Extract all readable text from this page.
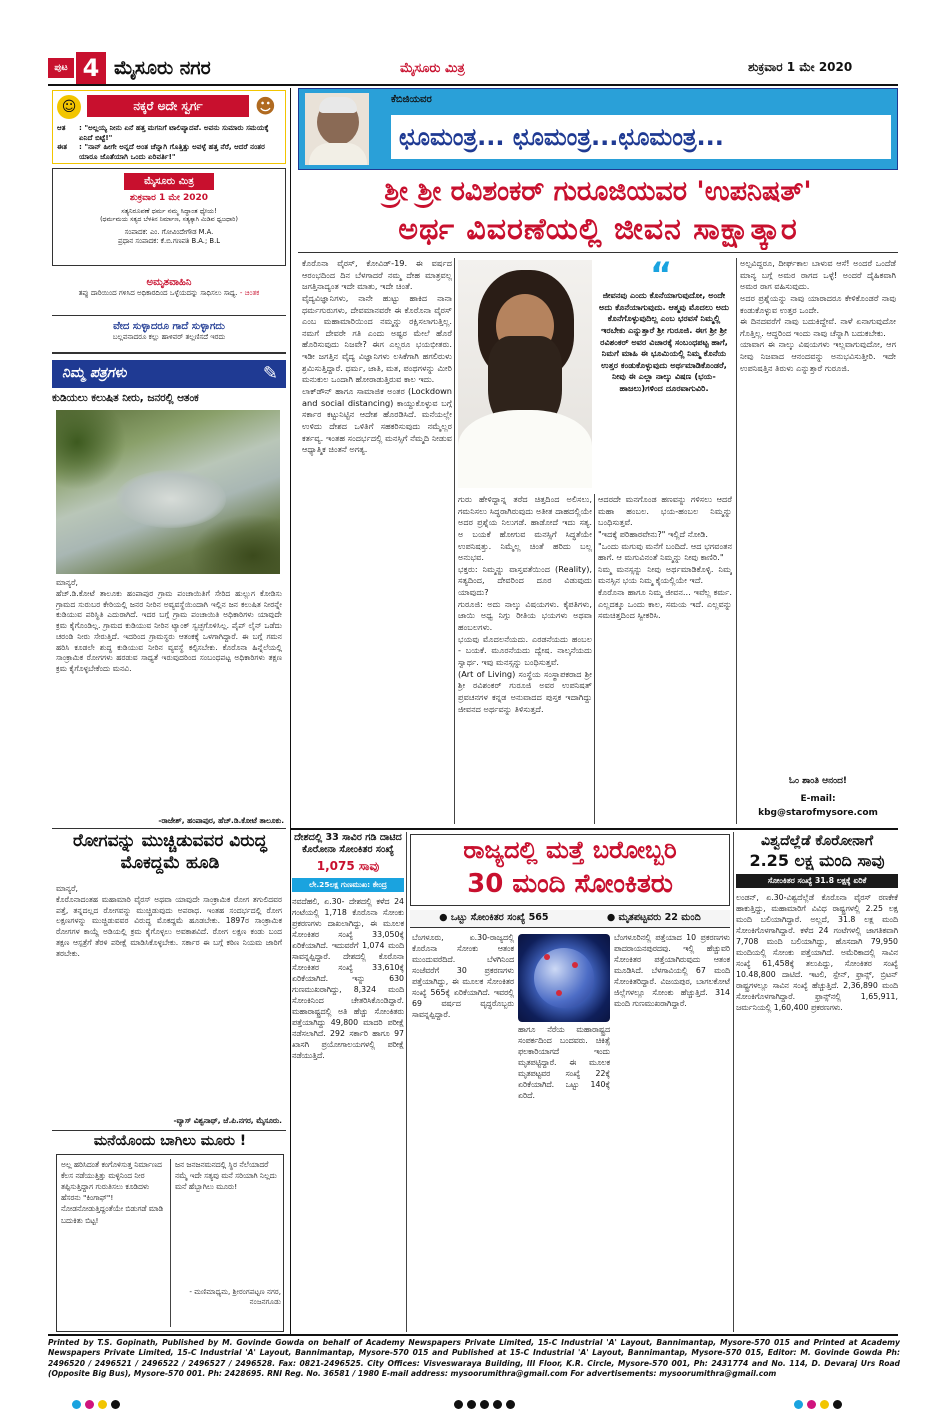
ಪುಟ 4 ಮೈಸೂರು ನಗರ	ಮೈಸೂರು ಮಿತ್ರ	ಶುಕ್ರವಾರ 1 ಮೇ 2020
☺	ನಕ್ಕರೆ ಅದೇ ಸ್ವರ್ಗ	☻
ಆತ	: "ಅಲ್ಲಯ್ಯ ನೀನು ಏನೆ ಹತ್ತ ಮಗನಿಗೆ ಟಾಲಿಪ್ಯಾದವೆ. ಅವನು ಸುಮಾರು ಸಮಯಕ್ಕೆ ಏನಿದೆ ಬಿಟ್ಟೆ!"
ಈತ	: "ನಾನ್ ಹೀಗೇ ಅನ್ನದೆ ಅಂತ ಚೆನ್ನಾಗಿ ಗೊತ್ತಿತ್ತು ಅವಳ್ಳೆ ಹತ್ತ ನೆರೆ, ಆದರೆ ನಂತರ ಯಾರೂ ಜೊತೆಯಾಗಿ ಒಂದು ಏರಿವರ್ತಿ!"
ಮೈಸೂರು ಮಿತ್ರ
ಶುಕ್ರವಾರ 1 ಮೇ 2020
ಸತ್ಯನಿರೂಪಣೆ ಧರ್ಮ ನಮ್ಮ ಸಿದ್ಧಾಂತ ಧ್ಯೇಯ!
(ಧರ್ಮಮಯ ಸತ್ಯದ ಬೆಳಕಿನ ನಿರ್ಮಾಣ, ಸತ್ಯಕ್ಕಾಗಿ ಮಿಡಿವ ಧ್ವಜಧಾರಿ)
ಸಂಪಾದಕ: ಎಂ. ಗೋವಿಂದೇಗೌಡ M.A.
ಪ್ರಧಾನ ಸಂಪಾದಕ: ಕೆ.ಬಿ.ಗಣಪತಿ B.A.; B.L
ಅಮೃತವಾಹಿನಿ
ತಪ್ಪು ದಾರಿಯಿಂದ ಗಳಿಸಿದ ಅಧಿಕಾರದಿಂದ ಒಳ್ಳೆಯದನ್ನು ಸಾಧಿಸಲು ಸಾಧ್ಯ. - ಚಿಂತಕ
ವೇದ ಸುಳ್ಳಾದರೂ ಗಾದೆ ಸುಳ್ಳಾಗದು
ಬಲ್ಲವನಾದರೂ ಕಲ್ಲು ಹಾಳಿವರ್ ತಲ್ಲಣಿಸದೆ ಇರದು
ನಿಮ್ಮ ಪತ್ರಗಳು	✎
ಕುಡಿಯಲು ಕಲುಷಿತ ನೀರು, ಜನರಲ್ಲಿ ಆತಂಕ
ಮಾನ್ಯರೆ,
ಹೆಚ್.ಡಿ.ಕೋಟೆ ತಾಲೂಕು ಹಂಪಾಪುರ ಗ್ರಾಮ ಪಂಚಾಯಿತಿಗೆ ಸೇರಿದ ಹುಲ್ಲುಗ ಕೋಡಿಸು ಗ್ರಾಮದ ಸುರುಬರ ಕೇರಿಯಲ್ಲಿ ಜನರ ನೀರಿನ ಅವ್ಯವಸ್ಥೆಯಿಂದಾಗಿ ಇಲ್ಲಿನ ಜನ ಕಲುಷಿತ ನೀರನ್ನೇ ಕುಡಿಯುವ ಪರಿಸ್ಥಿತಿ ಎದುರಾಗಿದೆ. ಇದರ ಬಗ್ಗೆ ಗ್ರಾಮ ಪಂಚಾಯಿತಿ ಅಧಿಕಾರಿಗಳು ಯಾವುದೇ ಕ್ರಮ ಕೈಗೊಂಡಿಲ್ಲ. ಗ್ರಾಮದ ಕುಡಿಯುವ ನೀರಿನ ಟ್ಯಾಂಕ್ ಸ್ವಚ್ಛಗೊಳಿಸಿಲ್ಲ. ಪೈಪ್ ಲೈನ್ ಒಡೆದು ಚರಂಡಿ ನೀರು ಸೇರುತ್ತಿದೆ. ಇದರಿಂದ ಗ್ರಾಮಸ್ಥರು ಆತಂಕಕ್ಕೆ ಒಳಗಾಗಿದ್ದಾರೆ. ಈ ಬಗ್ಗೆ ಗಮನ ಹರಿಸಿ ಕೂಡಲೇ ಶುದ್ಧ ಕುಡಿಯುವ ನೀರಿನ ವ್ಯವಸ್ಥೆ ಕಲ್ಪಿಸಬೇಕು. ಕೊರೊನಾ ಹಿನ್ನೆಲೆಯಲ್ಲಿ ಸಾಂಕ್ರಾಮಿಕ ರೋಗಗಳು ಹರಡುವ ಸಾಧ್ಯತೆ ಇರುವುದರಿಂದ ಸಂಬಂಧಪಟ್ಟ ಅಧಿಕಾರಿಗಳು ತಕ್ಷಣ ಕ್ರಮ ಕೈಗೊಳ್ಳಬೇಕೆಂದು ಮನವಿ.
-ರಾಜೇಶ್, ಹಂಪಾಪುರ, ಹೆಚ್.ಡಿ.ಕೋಟೆ ತಾಲೂಕು.
ರೋಗವನ್ನು ಮುಚ್ಚಿಡುವವರ ವಿರುದ್ಧ ಮೊಕದ್ದಮೆ ಹೂಡಿ
ಮಾನ್ಯರೆ,
ಕೊರೊನಾದಂತಹ ಮಹಾಮಾರಿ ವೈರಸ್ ಅಥವಾ ಯಾವುದೇ ಸಾಂಕ್ರಾಮಿಕ ರೋಗ ತಗುಲಿದವರ ಪತ್ತೆ, ತನ್ನದಲ್ಲದ ರೋಗವನ್ನು ಮುಚ್ಚಿಡುವುದು ಅಪರಾಧ. ಇಂತಹ ಸಂದರ್ಭದಲ್ಲಿ ರೋಗ ಲಕ್ಷಣಗಳನ್ನು ಮುಚ್ಚಿಡುವವರ ವಿರುದ್ಧ ಮೊಕದ್ದಮೆ ಹೂಡಬೇಕು. 1897ರ ಸಾಂಕ್ರಾಮಿಕ ರೋಗಗಳ ಕಾಯ್ದೆ ಅಡಿಯಲ್ಲಿ ಕ್ರಮ ಕೈಗೊಳ್ಳಲು ಅವಕಾಶವಿದೆ. ರೋಗ ಲಕ್ಷಣ ಕಂಡು ಬಂದ ತಕ್ಷಣ ಆಸ್ಪತ್ರೆಗೆ ತೆರಳಿ ಪರೀಕ್ಷೆ ಮಾಡಿಸಿಕೊಳ್ಳಬೇಕು. ಸರ್ಕಾರ ಈ ಬಗ್ಗೆ ಕಠಿಣ ನಿಯಮ ಜಾರಿಗೆ ತರಬೇಕು.
-ವ್ಯಾಸ್ ವಿಶ್ವನಾಥ್, ಜೆ.ಪಿ.ನಗರ, ಮೈಸೂರು.
ಮನೆಯೊಂದು ಬಾಗಿಲು ಮೂರು !
ಅಲ್ಲ ಹರಿಸಿದಂತೆ ಕಂಗೊಳಿಸುತ್ತ ನಿರ್ಮಾಣದ ಕೆಲಸ ನಡೆಯುತ್ತಿತ್ತು ಮಳ್ಳಿನಿಂದ ನೀರ ತಪ್ಪಿಸುತ್ತಿದ್ದಾಗ ಗುರುತಿಸಲು ಕೂಡಿದಳು ಹೆಸರನು "ಕಿಂಗಾಫ್"! ನೋಡನೋಡುತ್ತಿದ್ದಂತೆಯೇ ಬಿಡುಗಡೆ ಮಾಡಿ ಬದುಕಿತು ಬಿಟ್ಟ!
ಜನ ಜನಜನಮನದಲ್ಲಿ ಸ್ಥಿರ ನೆಲೆಯಾದರೆ ನಮ್ಮೆ ಇದೇ ಸತ್ಯವು ಮನೆ ಸರಿಯಾಗಿ ನಿಲ್ಲದು ಮನೆ ಹೆಬ್ಬಾಗಿಲು ಮೂರು!
- ಮಣಿಮಾಧ್ಯಮ, ಶ್ರೀರಂಗಪಟ್ಟಣ ನಗರ, ನಂಜನಗೂಡು
ಕೆಬಿಜಿಯವರ
ಛೂಮಂತ್ರ... ಛೂಮಂತ್ರ...ಛೂಮಂತ್ರ...
ಶ್ರೀ ಶ್ರೀ ರವಿಶಂಕರ್ ಗುರೂಜಿಯವರ 'ಉಪನಿಷತ್'
ಅರ್ಥ ವಿವರಣೆಯಲ್ಲಿ ಜೀವನ ಸಾಕ್ಷಾತ್ಕಾರ
ಕೊರೊನಾ ವೈರಸ್, ಕೋವಿಡ್-19. ಈ ವರ್ಷದ ಆರಂಭದಿಂದ ದಿನ ಬೆಳಗಾದರೆ ನಮ್ಮ ದೇಹ ಮಾತ್ರವಲ್ಲ ಜಗತ್ತಿನಾದ್ಯಂತ ಇದೇ ಮಾತು, ಇದೇ ಚಿಂತೆ.
ವೈದ್ಯವಿಜ್ಞಾನಿಗಳು, ನಾನೇ ಹುಟ್ಟು ಹಾಕಿದ ನಾನಾ ಧರ್ಮಗುರುಗಳು, ದೇವಮಾನವರೇ ಈ ಕೊರೊನಾ ವೈರಸ್ ಎಂಬ ಮಹಾಮಾರಿಯಿಂದ ನಮ್ಮನ್ನು ರಕ್ಷಿಸಲಾಗುತ್ತಿಲ್ಲ. ನಮಗೆ ದೇವರೇ ಗತಿ ಎಂದು ಅಷ್ಟರ ಮೇಲೆ ಹೊರೆ ಹೊರಿಸುವುದು ನಿಜವೇ? ಈಗ ಎಲ್ಲರೂ ಭಯಭೀತರು. ಇಡೀ ಜಗತ್ತಿನ ವೈದ್ಯ ವಿಜ್ಞಾನಿಗಳು ಲಸಿಕೆಗಾಗಿ ಹಗಲಿರುಳು ಶ್ರಮಿಸುತ್ತಿದ್ದಾರೆ. ಧರ್ಮ, ಜಾತಿ, ಮತ, ಪಂಥಗಳನ್ನು ಮೀರಿ ಮನುಕುಲ ಒಂದಾಗಿ ಹೋರಾಡುತ್ತಿರುವ ಕಾಲ ಇದು.
ಲಾಕ್‌ಡೌನ್ ಹಾಗೂ ಸಾಮಾಜಿಕ ಅಂತರ (Lockdown and social distancing) ಕಾಯ್ದುಕೊಳ್ಳುವ ಬಗ್ಗೆ ಸರ್ಕಾರ ಕಟ್ಟುನಿಟ್ಟಿನ ಆದೇಶ ಹೊರಡಿಸಿದೆ. ಮನೆಯಲ್ಲೇ ಉಳಿದು ದೇಶದ ಒಳಿತಿಗೆ ಸಹಕರಿಸುವುದು ನಮ್ಮೆಲ್ಲರ ಕರ್ತವ್ಯ. ಇಂತಹ ಸಂದರ್ಭದಲ್ಲಿ ಮನಸ್ಸಿಗೆ ನೆಮ್ಮದಿ ನೀಡುವ ಆಧ್ಯಾತ್ಮಿಕ ಚಿಂತನೆ ಅಗತ್ಯ.
“
ಜೀವನವು ಎಂದು ಕೊನೆಯಾಗುವುದೋ, ಅಂದೇ ಅದು ಕೊನೆಯಾಗುವುದು. ಆತ್ಮವು ಮೊದಲು ಅದು ಕೊನೆಗೊಳ್ಳುವುದಿಲ್ಲ ಎಂಬ ಭರವಸೆ ನಿಮ್ಮಲ್ಲಿ ಇರಬೇಕು ಎನ್ನುತ್ತಾರೆ ಶ್ರೀ ಗುರೂಜಿ. ಈಗ ಶ್ರೀ ಶ್ರೀ ರವಿಶಂಕರ್ ಅವರ ವಿಚಾರಕ್ಕೆ ಸಂಬಂಧಪಟ್ಟ ಹಾಗೆ, ನಿಮಗೆ ಮಾಹಿ ಈ ಭೂಮಿಯಲ್ಲಿ ನಿಮ್ಮ ಕೊನೆಯ ಉತ್ತರ ಕಂಡುಕೊಳ್ಳುವುದು ಅರ್ಥಮಾಡಿಕೊಂಡರೆ, ನೀವು ಈ ಎಲ್ಲಾ ನಾಲ್ಕು ವಿಷಣ (ಭಯ-ಹಾಜಲು)ಗಳಿಂದ ದೂರವಾಗುವಿರಿ.
ಗುರು ಹೇಳಿದ್ದಾನ್ನ ತರೆದ ಚಿತ್ತದಿಂದ ಅಲಿಸಲು, ಗಮನಿಸಲು ಸಿದ್ಧರಾಗಿರುವುದು ಅತೀತ ದಾಹದಲ್ಲಿಯೇ ಅದರ ಪ್ರಶ್ನೆಯ ನಿಲುಗಡೆ. ಹಾಡೋದೆ ಇದು ಸತ್ಯ. ಅ ಬಯಕೆ ಹೋಗುವ ಮನಸ್ಸಿಗೆ ಸಿದ್ಧತೆಯೇ ಉಪನಿಷತ್ತು. ನಿಮ್ಮೆಲ್ಲ ಚಿಂತೆ ಹರಿದು ಬಲ್ಲ ಅನುಭವ.
ಭಕ್ತರು: ನಿಮ್ಮನ್ನು ವಾಸ್ತವತೆಯಿಂದ (Reality), ಸತ್ಯದಿಂದ, ದೇವರಿಂದ ದೂರ ವಿಡುವುದು ಯಾವುದು?
ಗುರೂಜಿ: ಅದು ನಾಲ್ಕು ವಿಷಯಗಳು. ಕೈಪತಿಗಳು, ಜಾಯಿ ಅಧ್ವ ನಿಗ್ಗು ರೀತಿಯ ಭಯಗಳು ಅಥವಾ ಹಂಬಲಗಳು.
ಭಯವು ಮೊದಲನೆಯದು. ಎರಡನೆಯದು ಹಂಬಲ - ಬಯಕೆ. ಮೂರನೆಯದು ದ್ವೇಷ. ನಾಲ್ಕನೆಯದು ಸ್ವಾರ್ಥ. ಇವು ಮನಸ್ಸನ್ನು ಬಂಧಿಸುತ್ತವೆ.
(Art of Living) ಸಂಸ್ಥೆಯ ಸಂಸ್ಥಾಪಕರಾದ ಶ್ರೀ ಶ್ರೀ ರವಿಶಂಕರ್ ಗುರೂಜಿ ಅವರ ಉಪನಿಷತ್ ಪ್ರವಚನಗಳ ಕನ್ನಡ ಅನುವಾದದ ಪುಸ್ತಕ ಇದಾಗಿದ್ದು ಜೀವನದ ಅರ್ಥವನ್ನು ತಿಳಿಸುತ್ತದೆ.
ಆದರದೇ ಮನಗೊಂಡ ಹಣವನ್ನು ಗಳಿಸಲು ಆದರೆ ಮಹಾ ಹಂಬಲ. ಭಯ-ಹಂಬಲ ನಿಮ್ಮನ್ನು ಬಂಧಿಸುತ್ತವೆ.
"ಇದಕ್ಕೆ ಪರಿಹಾರವೇನು?" ಇಲ್ಲಿದೆ ನೋಡಿ.
"ಒಂದು ಮಗುವು ಮನೆಗೆ ಬಂದಿದೆ. ಆದ ಭಗವಂತನ ಹಾಗೆ. ಆ ಮಗುವಿನಂತೆ ನಿಮ್ಮನ್ನು ನೀವು ಕಾಣಿರಿ."
ನಿಮ್ಮ ಮನಸ್ಸನ್ನು ನೀವು ಅರ್ಥಮಾಡಿಕೊಳ್ಳಿ. ನಿಮ್ಮ ಮನಸ್ಸಿನ ಭಯ ನಿಮ್ಮ ಕೈಯಲ್ಲಿಯೇ ಇದೆ.
ಕೊರೊನಾ ಹಾಗೂ ನಿಮ್ಮ ಜೀವನ... ಇವೆಲ್ಲ ಕರ್ಮ. ಎಲ್ಲದಕ್ಕೂ ಒಂದು ಕಾಲ, ಸಮಯ ಇದೆ. ಎಲ್ಲವನ್ನು ಸಮಚಿತ್ತದಿಂದ ಸ್ವೀಕರಿಸಿ.
ಅಲ್ಪವಿದ್ದರೂ, ದೀರ್ಘಕಾಲ ಬಾಳುವ ಆಸೆ! ಅಂದರೆ ಒಂದೆಡೆ ಮಾನ್ಯ ಬಗ್ಗೆ ಅಮರ ರಾಗದ ಒಳ್ಳೆ! ಅಂದರೆ ದೈಹಿಕವಾಗಿ ಅಮರ ರಾಗ ವಹಿಸುವುದು.
ಅದರ ಪ್ರಶ್ನೆಯನ್ನು ನಾವು ಯಾರಾದರೂ ಕೇಳಿಕೊಂಡರೆ ನಾವು ಕಂಡುಕೊಳ್ಳುವ ಉತ್ತರ ಒಂದೇ.
ಈ ದಿನದವರೆಗೆ ನಾವು ಬದುಕಿದ್ದೇವೆ. ನಾಳೆ ಏನಾಗುವುದೋ ಗೊತ್ತಿಲ್ಲ. ಆದ್ದರಿಂದ ಇಂದು ನಾವು ಚೆನ್ನಾಗಿ ಬದುಕಬೇಕು.
ಯಾವಾಗ ಈ ನಾಲ್ಕು ವಿಷಯಗಳು ಇಲ್ಲವಾಗುವುದೋ, ಆಗ ನೀವು ನಿಜವಾದ ಆನಂದವನ್ನು ಅನುಭವಿಸುತ್ತೀರಿ. ಇದೇ ಉಪನಿಷತ್ತಿನ ತಿರುಳು ಎನ್ನುತ್ತಾರೆ ಗುರೂಜಿ.
ಓಂ ಶಾಂತಿ ಆನಂದ!
E-mail:
kbg@starofmysore.com
ದೇಶದಲ್ಲಿ 33 ಸಾವಿರ ಗಡಿ ದಾಟಿದ ಕೊರೋನಾ ಸೋಂಕಿತರ ಸಂಖ್ಯೆ
1,075 ಸಾವು
ಲೇ.25ಲಕ್ಷ ಗುಣಮುಖ: ಕೇಂದ್ರ
ನವದೆಹಲಿ, ಏ.30- ದೇಶದಲ್ಲಿ ಕಳೆದ 24 ಗಂಟೆಯಲ್ಲಿ 1,718 ಕೊರೊನಾ ಸೋಂಕು ಪ್ರಕರಣಗಳು ದಾಖಲಾಗಿದ್ದು, ಈ ಮೂಲಕ ಸೋಂಕಿತರ ಸಂಖ್ಯೆ 33,050ಕ್ಕೆ ಏರಿಕೆಯಾಗಿದೆ. ಇದುವರೆಗೆ 1,074 ಮಂದಿ ಸಾವನ್ನಪ್ಪಿದ್ದಾರೆ. ದೇಶದಲ್ಲಿ ಕೊರೊನಾ ಸೋಂಕಿತರ ಸಂಖ್ಯೆ 33,610ಕ್ಕೆ ಏರಿಕೆಯಾಗಿದೆ. ಇನ್ನು 630 ಗುಣಮುಖರಾಗಿದ್ದು, 8,324 ಮಂದಿ ಸೋಂಕಿನಿಂದ ಚೇತರಿಸಿಕೊಂಡಿದ್ದಾರೆ. ಮಹಾರಾಷ್ಟ್ರದಲ್ಲಿ ಅತಿ ಹೆಚ್ಚು ಸೋಂಕಿತರು ಪತ್ತೆಯಾಗಿದ್ದು 49,800 ಮಾದರಿ ಪರೀಕ್ಷೆ ನಡೆಸಲಾಗಿದೆ. 292 ಸರ್ಕಾರಿ ಹಾಗೂ 97 ಖಾಸಗಿ ಪ್ರಯೋಗಾಲಯಗಳಲ್ಲಿ ಪರೀಕ್ಷೆ ನಡೆಯುತ್ತಿದೆ.
ರಾಜ್ಯದಲ್ಲಿ ಮತ್ತೆ ಬರೋಬ್ಬರಿ
30 ಮಂದಿ ಸೋಂಕಿತರು
● ಒಟ್ಟು ಸೋಂಕಿತರ ಸಂಖ್ಯೆ 565	● ಮೃತಪಟ್ಟವರು 22 ಮಂದಿ
ಬೆಂಗಳೂರು, ಏ.30-ರಾಜ್ಯದಲ್ಲಿ ಕೊರೊನಾ ಸೋಂಕು ಆತಂಕ ಮುಂದುವರೆದಿದೆ. ಬೆಳಗಿನಿಂದ ಸಂಜೆವರೆಗೆ 30 ಪ್ರಕರಣಗಳು ಪತ್ತೆಯಾಗಿದ್ದು, ಈ ಮೂಲಕ ಸೋಂಕಿತರ ಸಂಖ್ಯೆ 565ಕ್ಕೆ ಏರಿಕೆಯಾಗಿದೆ. ಇವರಲ್ಲಿ 69 ವರ್ಷದ ವೃದ್ಧರೊಬ್ಬರು ಸಾವನ್ನಪ್ಪಿದ್ದಾರೆ.
ಹಾಗೂ ನೆರೆಯ ಮಹಾರಾಷ್ಟ್ರದ ಸಂಪರ್ಕದಿಂದ ಬಂದವರು. ಚಿಕಿತ್ಸೆ ಫಲಕಾರಿಯಾಗದೆ ಇಂದು ಮೃತಪಟ್ಟಿದ್ದಾರೆ. ಈ ಮೂಲಕ ಮೃತಪಟ್ಟವರ ಸಂಖ್ಯೆ 22ಕ್ಕೆ ಏರಿಕೆಯಾಗಿದೆ. ಒಟ್ಟು 140ಕ್ಕೆ ಏರಿದೆ.
ಬೆಂಗಳೂರಿನಲ್ಲಿ ಪತ್ತೆಯಾದ 10 ಪ್ರಕರಣಗಳು ಪಾದರಾಯನಪುರದವು. ಇಲ್ಲಿ ಹೆಚ್ಚುವರಿ ಸೋಂಕಿತರ ಪತ್ತೆಯಾಗಿರುವುದು ಆತಂಕ ಮೂಡಿಸಿದೆ. ಬೆಳಗಾವಿಯಲ್ಲಿ 67 ಮಂದಿ ಸೋಂಕಿತರಿದ್ದಾರೆ. ವಿಜಯಪುರ, ಬಾಗಲಕೋಟೆ ಜಿಲ್ಲೆಗಳಲ್ಲೂ ಸೋಂಕು ಹೆಚ್ಚುತ್ತಿದೆ. 314 ಮಂದಿ ಗುಣಮುಖರಾಗಿದ್ದಾರೆ.
ವಿಶ್ವದೆಲ್ಲೆಡೆ ಕೊರೋನಾಗೆ
2.25 ಲಕ್ಷ ಮಂದಿ ಸಾವು
ಸೋಂಕಿತರ ಸಂಖ್ಯೆ 31.8 ಲಕ್ಷಕ್ಕೆ ಏರಿಕೆ
ಲಂಡನ್, ಏ.30-ವಿಶ್ವದೆಲ್ಲೆಡೆ ಕೊರೊನಾ ವೈರಸ್ ರಣಕೇಕೆ ಹಾಕುತ್ತಿದ್ದು, ಮಹಾಮಾರಿಗೆ ವಿವಿಧ ರಾಷ್ಟ್ರಗಳಲ್ಲಿ 2.25 ಲಕ್ಷ ಮಂದಿ ಬಲಿಯಾಗಿದ್ದಾರೆ. ಅಲ್ಲದೆ, 31.8 ಲಕ್ಷ ಮಂದಿ ಸೋಂಕಿಗೊಳಗಾಗಿದ್ದಾರೆ. ಕಳೆದ 24 ಗಂಟೆಗಳಲ್ಲಿ ಜಾಗತಿಕವಾಗಿ 7,708 ಮಂದಿ ಬಲಿಯಾಗಿದ್ದು, ಹೊಸದಾಗಿ 79,950 ಮಂದಿಯಲ್ಲಿ ಸೋಂಕು ಪತ್ತೆಯಾಗಿದೆ. ಅಮೆರಿಕಾದಲ್ಲಿ ಸಾವಿನ ಸಂಖ್ಯೆ 61,458ಕ್ಕೆ ತಲುಪಿದ್ದು, ಸೋಂಕಿತರ ಸಂಖ್ಯೆ 10.48,800 ದಾಟಿದೆ. ಇಟಲಿ, ಸ್ಪೇನ್, ಫ್ರಾನ್ಸ್, ಬ್ರಿಟನ್ ರಾಷ್ಟ್ರಗಳಲ್ಲೂ ಸಾವಿನ ಸಂಖ್ಯೆ ಹೆಚ್ಚುತ್ತಿದೆ. 2,36,890 ಮಂದಿ ಸೋಂಕಿಗೊಳಗಾಗಿದ್ದಾರೆ. ಫ್ರಾನ್ಸ್‌ನಲ್ಲಿ 1,65,911, ಜರ್ಮನಿಯಲ್ಲಿ 1,60,400 ಪ್ರಕರಣಗಳು.
Printed by T.S. Gopinath, Published by M. Govinde Gowda on behalf of Academy Newspapers Private Limited, 15-C Industrial 'A' Layout, Bannimantap, Mysore-570 015 and Printed at Academy Newspapers Private Limited, 15-C Industrial 'A' Layout, Bannimantap, Mysore-570 015 and Published at 15-C Industrial 'A' Layout, Bannimantap, Mysore-570 015, Editor: M. Govinde Gowda Ph: 2496520 / 2496521 / 2496522 / 2496527 / 2496528. Fax: 0821-2496525. City Offices: Visveswaraya Building, III Floor, K.R. Circle, Mysore-570 001, Ph: 2431774 and No. 114, D. Devaraj Urs Road (Opposite Big Bus), Mysore-570 001. Ph: 2428695. RNI Reg. No. 36581 / 1980 E-mail address: mysoorumithra@gmail.com For advertisements: mysoorumithra@gmail.com
